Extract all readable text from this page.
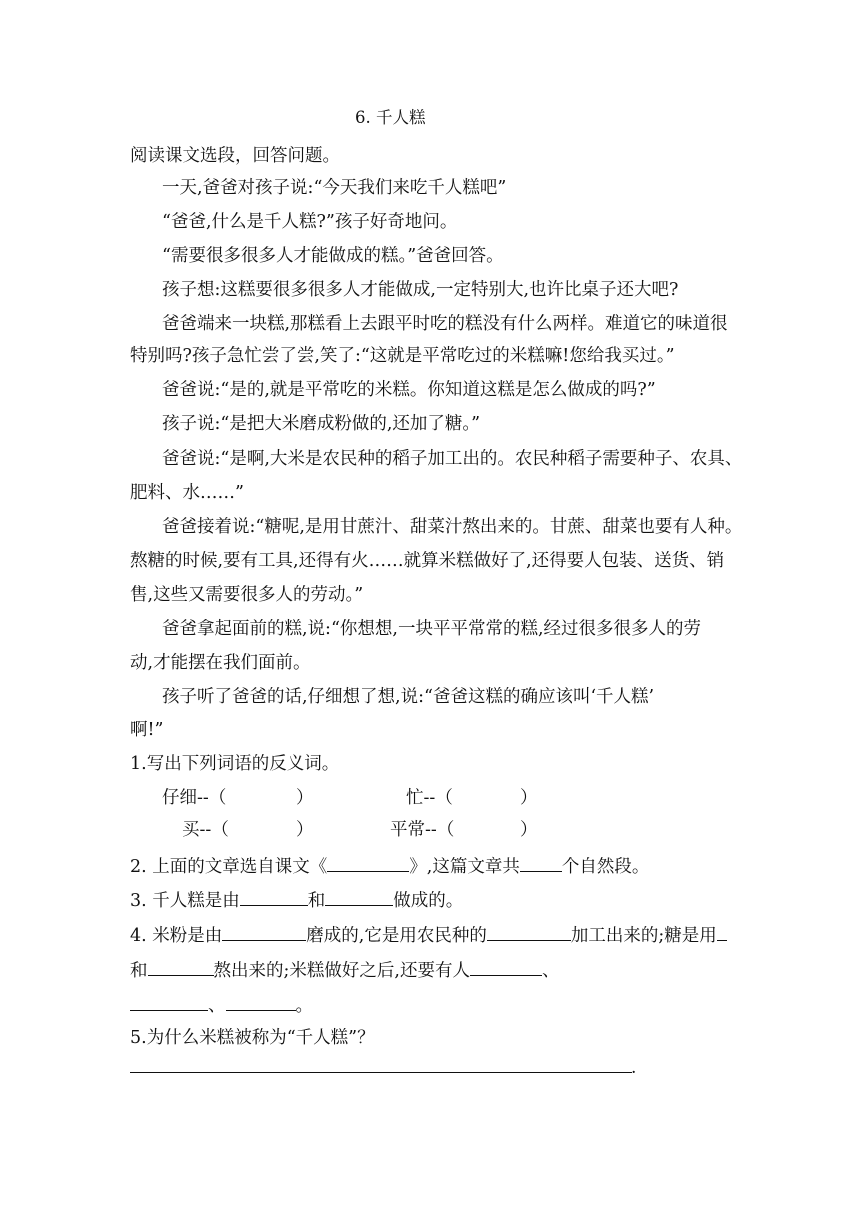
6. 千人糕
阅读课文选段，回答问题。
一天,爸爸对孩子说:“今天我们来吃千人糕吧”
“爸爸,什么是千人糕?”孩子好奇地问。
“需要很多很多人才能做成的糕。”爸爸回答。
孩子想:这糕要很多很多人才能做成,一定特别大,也许比桌子还大吧?
爸爸端来一块糕,那糕看上去跟平时吃的糕没有什么两样。难道它的味道很
特别吗?孩子急忙尝了尝,笑了:“这就是平常吃过的米糕嘛!您给我买过。”
爸爸说:“是的,就是平常吃的米糕。你知道这糕是怎么做成的吗?”
孩子说:“是把大米磨成粉做的,还加了糖。”
爸爸说:“是啊,大米是农民种的稻子加工出的。农民种稻子需要种子、农具、
肥料、水……”
爸爸接着说:“糖呢,是用甘蔗汁、甜菜汁熬出来的。甘蔗、甜菜也要有人种。
熬糖的时候,要有工具,还得有火……就算米糕做好了,还得要人包装、送货、销
售,这些又需要很多人的劳动。”
爸爸拿起面前的糕,说:“你想想,一块平平常常的糕,经过很多很多人的劳
动,才能摆在我们面前。
孩子听了爸爸的话,仔细想了想,说:“爸爸这糕的确应该叫‘千人糕’
啊!”
1.写出下列词语的反义词。
仔细--（	）	忙--（	）
买--（	）	平常--（	）
2. 上面的文章选自课文《	》,这篇文章共 个自然段。
3. 千人糕是由	和	做成的。
4. 米粉是由	磨成的,它是用农民种的	加工出来的;糖是用
和	熬出来的;米糕做好之后,还要有人	、
、	。
5.为什么米糕被称为“千人糕”？
.
